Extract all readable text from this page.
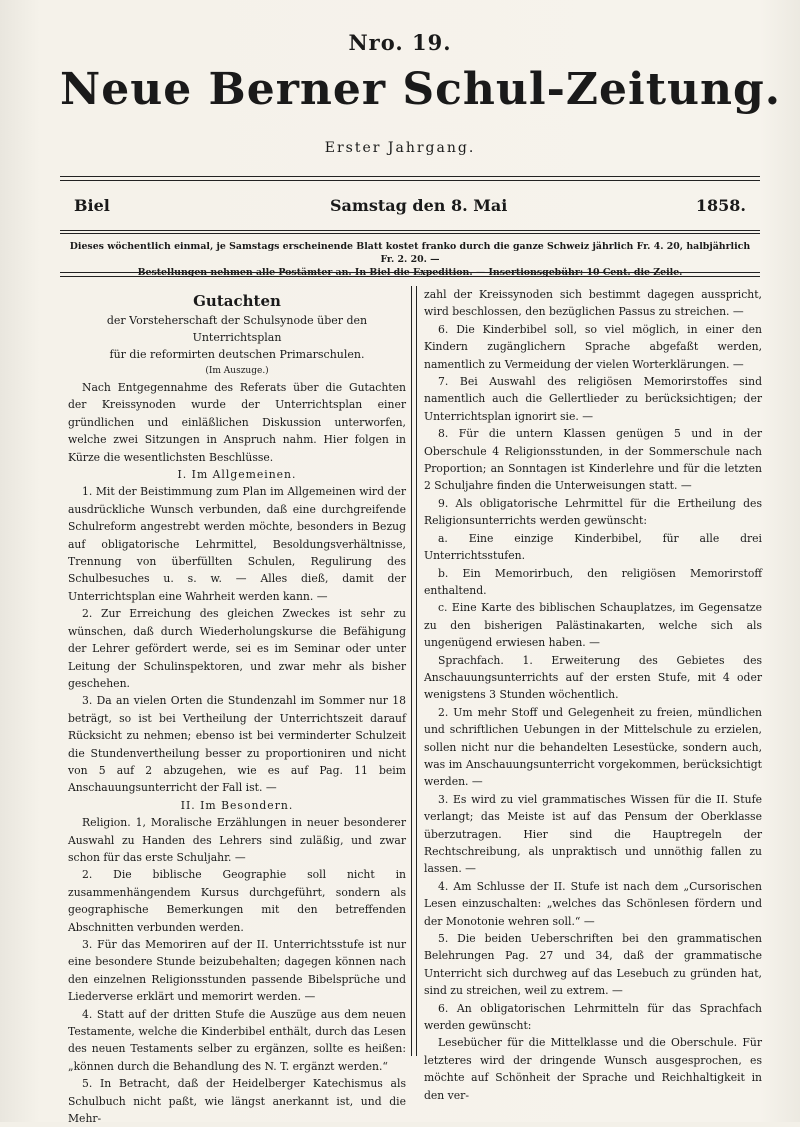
Nro. 19.
Neue Berner Schul-Zeitung.
Erster Jahrgang.
Biel	Samstag den 8. Mai	1858.
Dieses wöchentlich einmal, je Samstags erscheinende Blatt kostet franko durch die ganze Schweiz jährlich Fr. 4. 20, halbjährlich Fr. 2. 20. —
Bestellungen nehmen alle Postämter an. In Biel die Expedition. — Insertionsgebühr: 10 Cent. die Zeile.
Gutachten
der Vorsteherschaft der Schulsynode über den Unterrichtsplan
für die reformirten deutschen Primarschulen.
(Im Auszuge.)

Nach Entgegennahme des Referats über die Gutachten der Kreissynoden wurde der Unterrichtsplan einer gründlichen und einläßlichen Diskussion unterworfen, welche zwei Sitzungen in Anspruch nahm. Hier folgen in Kürze die wesentlichsten Beschlüsse.

I. Im Allgemeinen.

1. Mit der Beistimmung zum Plan im Allgemeinen wird der ausdrückliche Wunsch verbunden, daß eine durchgreifende Schulreform angestrebt werden möchte, besonders in Bezug auf obligatorische Lehrmittel, Besoldungsverhältnisse, Trennung von überfüllten Schulen, Regulirung des Schulbesuches u. s. w. — Alles dieß, damit der Unterrichtsplan eine Wahrheit werden kann. —

2. Zur Erreichung des gleichen Zweckes ist sehr zu wünschen, daß durch Wiederholungskurse die Befähigung der Lehrer gefördert werde, sei es im Seminar oder unter Leitung der Schulinspektoren, und zwar mehr als bisher geschehen.

3. Da an vielen Orten die Stundenzahl im Sommer nur 18 beträgt, so ist bei Vertheilung der Unterrichtszeit darauf Rücksicht zu nehmen; ebenso ist bei verminderter Schulzeit die Stundenvertheilung besser zu proportioniren und nicht von 5 auf 2 abzugehen, wie es auf Pag. 11 beim Anschauungsunterricht der Fall ist. —

II. Im Besondern.

Religion. 1, Moralische Erzählungen in neuer besonderer Auswahl zu Handen des Lehrers sind zuläßig, und zwar schon für das erste Schuljahr. —

2. Die biblische Geographie soll nicht in zusammenhängendem Kursus durchgeführt, sondern als geographische Bemerkungen mit den betreffenden Abschnitten verbunden werden.

3. Für das Memoriren auf der II. Unterrichtsstufe ist nur eine besondere Stunde beizubehalten; dagegen können nach den einzelnen Religionsstunden passende Bibelsprüche und Liederverse erklärt und memorirt werden. —

4. Statt auf der dritten Stufe die Auszüge aus dem neuen Testamente, welche die Kinderbibel enthält, durch das Lesen des neuen Testaments selber zu ergänzen, sollte es heißen: „können durch die Behandlung des N. T. ergänzt werden.“

5. In Betracht, daß der Heidelberger Katechismus als Schulbuch nicht paßt, wie längst anerkannt ist, und die Mehr-

zahl der Kreissynoden sich bestimmt dagegen ausspricht, wird beschlossen, den bezüglichen Passus zu streichen. —

6. Die Kinderbibel soll, so viel möglich, in einer den Kindern zugänglichern Sprache abgefaßt werden, namentlich zu Vermeidung der vielen Worterklärungen. —

7. Bei Auswahl des religiösen Memorirstoffes sind namentlich auch die Gellertlieder zu berücksichtigen; der Unterrichtsplan ignorirt sie. —

8. Für die untern Klassen genügen 5 und in der Oberschule 4 Religionsstunden, in der Sommerschule nach Proportion; an Sonntagen ist Kinderlehre und für die letzten 2 Schuljahre finden die Unterweisungen statt. —

9. Als obligatorische Lehrmittel für die Ertheilung des Religionsunterrichts werden gewünscht:

a. Eine einzige Kinderbibel, für alle drei Unterrichtsstufen.

b. Ein Memorirbuch, den religiösen Memorirstoff enthaltend.

c. Eine Karte des biblischen Schauplatzes, im Gegensatze zu den bisherigen Palästinakarten, welche sich als ungenügend erwiesen haben. —

Sprachfach. 1. Erweiterung des Gebietes des Anschauungsunterrichts auf der ersten Stufe, mit 4 oder wenigstens 3 Stunden wöchentlich.

2. Um mehr Stoff und Gelegenheit zu freien, mündlichen und schriftlichen Uebungen in der Mittelschule zu erzielen, sollen nicht nur die behandelten Lesestücke, sondern auch, was im Anschauungsunterricht vorgekommen, berücksichtigt werden. —

3. Es wird zu viel grammatisches Wissen für die II. Stufe verlangt; das Meiste ist auf das Pensum der Oberklasse überzutragen. Hier sind die Hauptregeln der Rechtschreibung, als unpraktisch und unnöthig fallen zu lassen. —

4. Am Schlusse der II. Stufe ist nach dem „Cursorischen Lesen einzuschalten: „welches das Schönlesen fördern und der Monotonie wehren soll.“ —

5. Die beiden Ueberschriften bei den grammatischen Belehrungen Pag. 27 und 34, daß der grammatische Unterricht sich durchweg auf das Lesebuch zu gründen hat, sind zu streichen, weil zu extrem. —

6. An obligatorischen Lehrmitteln für das Sprachfach werden gewünscht:

Lesebücher für die Mittelklasse und die Oberschule. Für letzteres wird der dringende Wunsch ausgesprochen, es möchte auf Schönheit der Sprache und Reichhaltigkeit in den ver-
